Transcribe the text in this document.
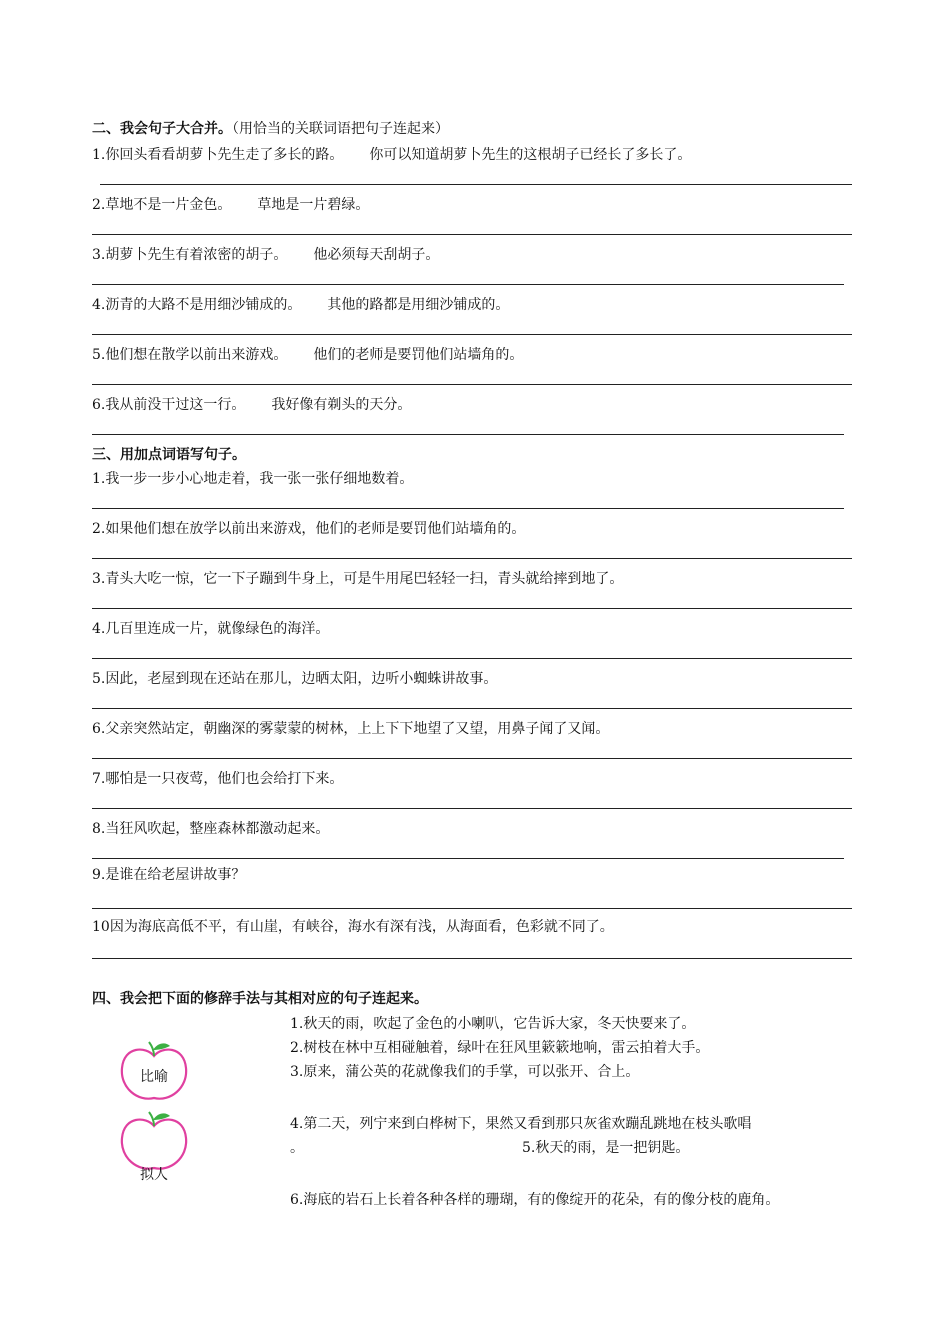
二、我会句子大合并。（用恰当的关联词语把句子连起来）
1.你回头看看胡萝卜先生走了多长的路。 你可以知道胡萝卜先生的这根胡子已经长了多长了。
2.草地不是一片金色。 草地是一片碧绿。
3.胡萝卜先生有着浓密的胡子。 他必须每天刮胡子。
4.沥青的大路不是用细沙铺成的。 其他的路都是用细沙铺成的。
5.他们想在散学以前出来游戏。 他们的老师是要罚他们站墙角的。
6.我从前没干过这一行。 我好像有剃头的天分。
三、用加点词语写句子。
1.我一步一步小心地走着，我一张一张仔细地数着。
2.如果他们想在放学以前出来游戏，他们的老师是要罚他们站墙角的。
3.青头大吃一惊，它一下子蹦到牛身上，可是牛用尾巴轻轻一扫，青头就给摔到地了。
4.几百里连成一片，就像绿色的海洋。
5.因此，老屋到现在还站在那儿，边晒太阳，边听小蜘蛛讲故事。
6.父亲突然站定，朝幽深的雾蒙蒙的树林，上上下下地望了又望，用鼻子闻了又闻。
7.哪怕是一只夜莺，他们也会给打下来。
8.当狂风吹起，整座森林都激动起来。
9.是谁在给老屋讲故事？
10因为海底高低不平，有山崖，有峡谷，海水有深有浅，从海面看，色彩就不同了。
四、我会把下面的修辞手法与其相对应的句子连起来。
比喻
拟人
1.秋天的雨，吹起了金色的小喇叭，它告诉大家，冬天快要来了。
2.树枝在林中互相碰触着，绿叶在狂风里簌簌地响，雷云拍着大手。
3.原来，蒲公英的花就像我们的手掌，可以张开、合上。
4.第二天，列宁来到白桦树下，果然又看到那只灰雀欢蹦乱跳地在枝头歌唱
。	5.秋天的雨，是一把钥匙。
6.海底的岩石上长着各种各样的珊瑚，有的像绽开的花朵，有的像分枝的鹿角。
